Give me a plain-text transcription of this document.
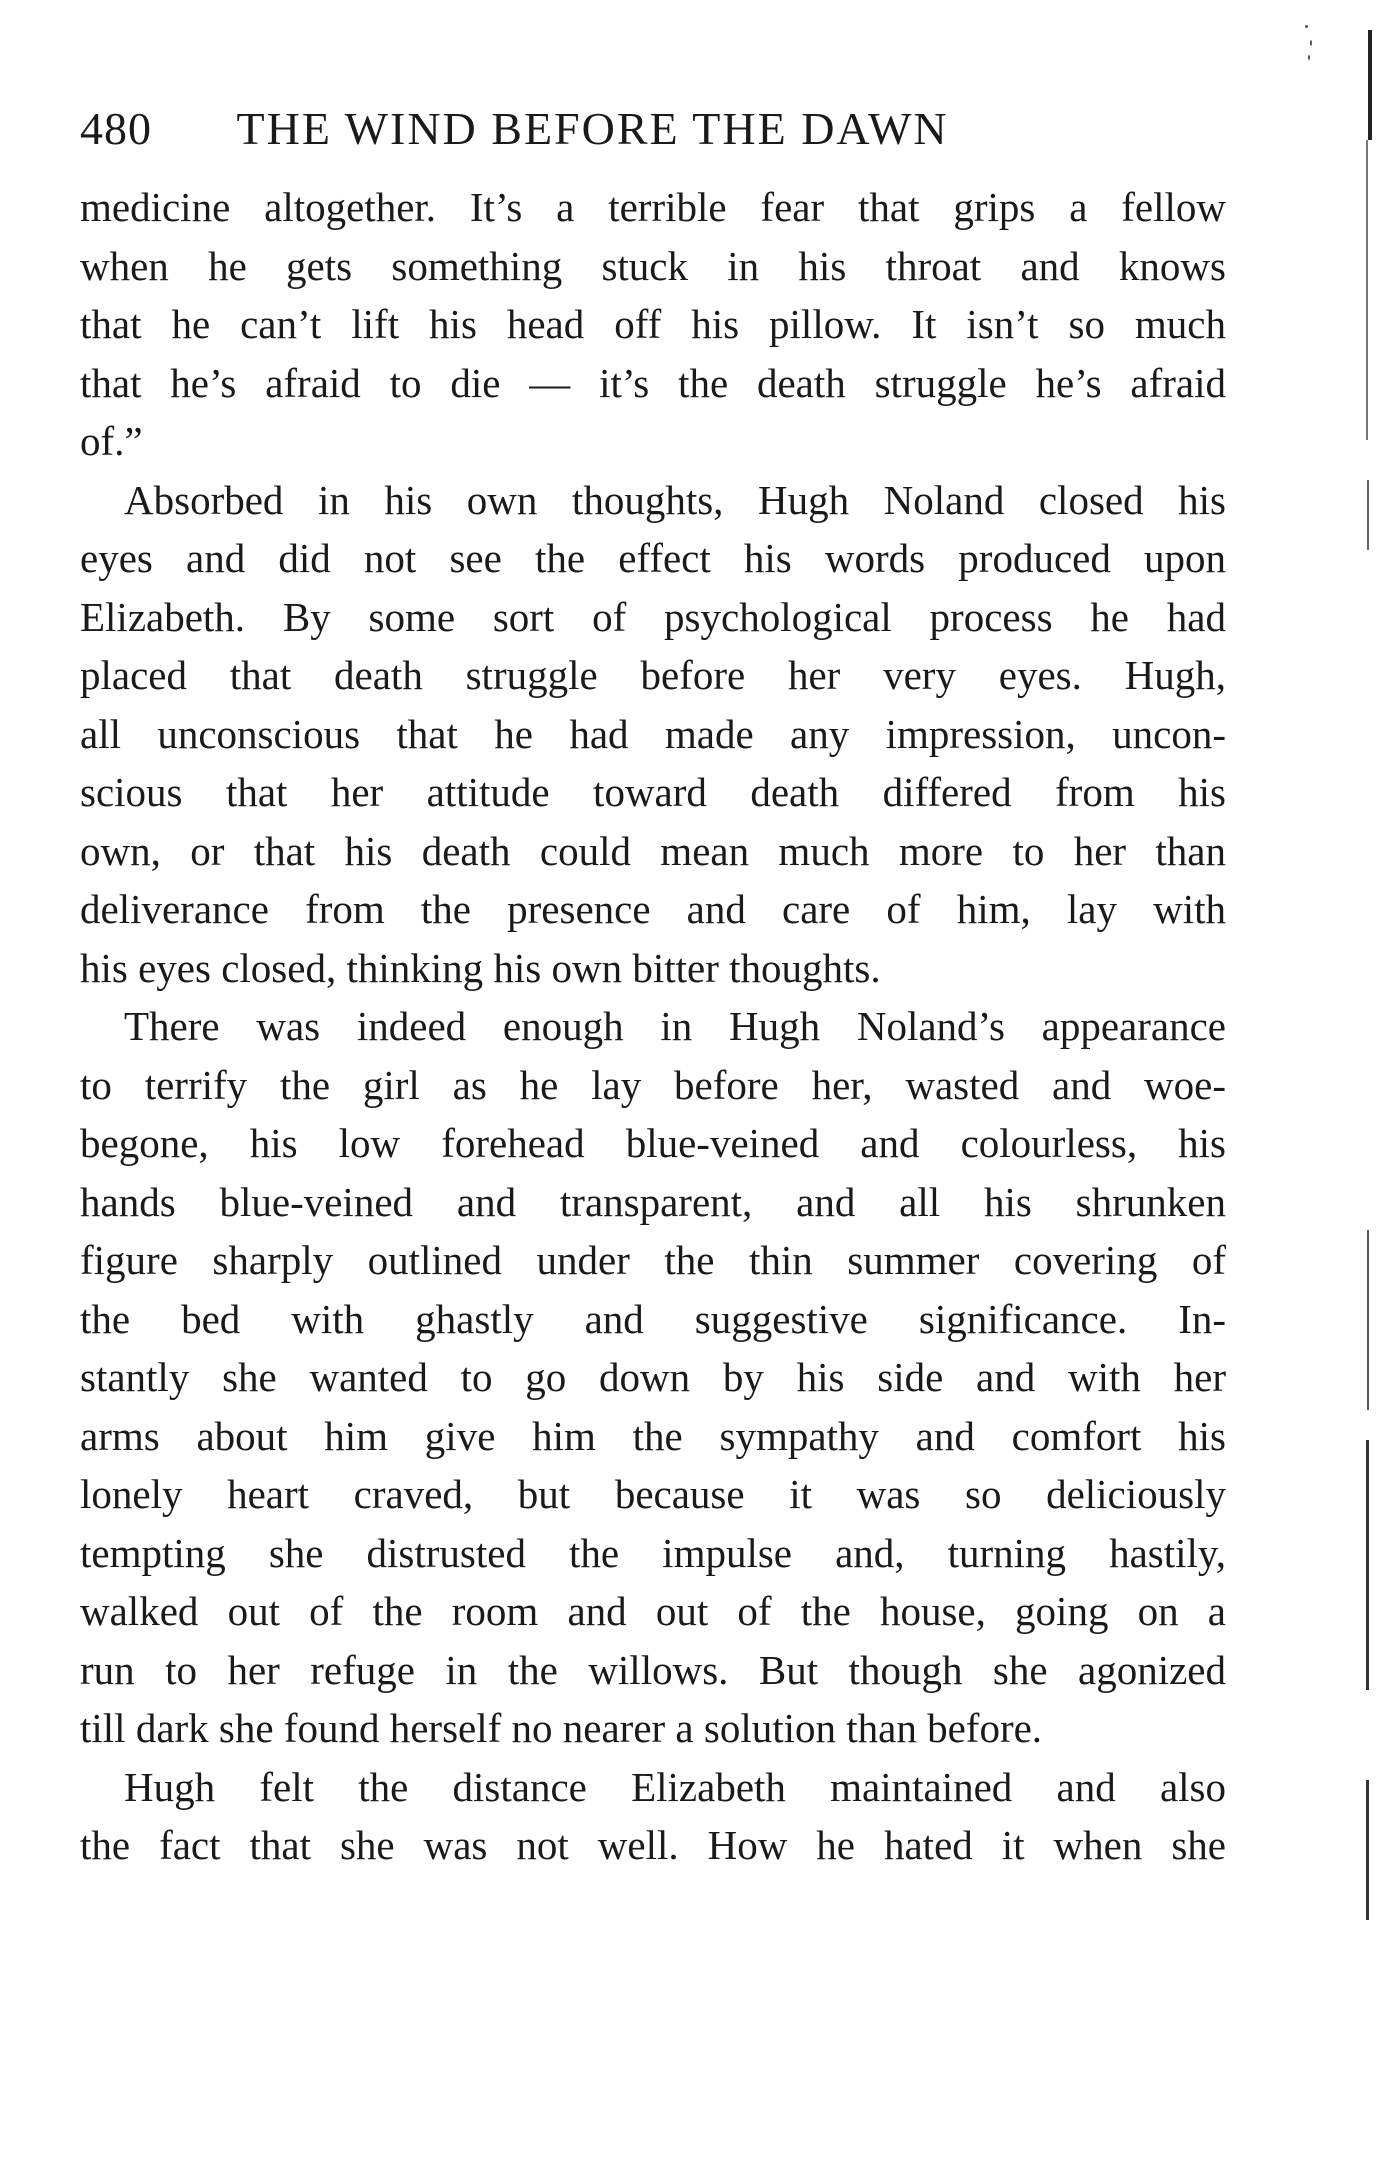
480 THE WIND BEFORE THE DAWN
medicine altogether. It’s a terrible fear that grips a fellow
when he gets something stuck in his throat and knows
that he can’t lift his head off his pillow. It isn’t so much
that he’s afraid to die — it’s the death struggle he’s afraid
of.”
Absorbed in his own thoughts, Hugh Noland closed his
eyes and did not see the effect his words produced upon
Elizabeth. By some sort of psychological process he had
placed that death struggle before her very eyes. Hugh,
all unconscious that he had made any impression, uncon-
scious that her attitude toward death differed from his
own, or that his death could mean much more to her than
deliverance from the presence and care of him, lay with
his eyes closed, thinking his own bitter thoughts.
There was indeed enough in Hugh Noland’s appearance
to terrify the girl as he lay before her, wasted and woe-
begone, his low forehead blue-veined and colourless, his
hands blue-veined and transparent, and all his shrunken
figure sharply outlined under the thin summer covering of
the bed with ghastly and suggestive significance. In-
stantly she wanted to go down by his side and with her
arms about him give him the sympathy and comfort his
lonely heart craved, but because it was so deliciously
tempting she distrusted the impulse and, turning hastily,
walked out of the room and out of the house, going on a
run to her refuge in the willows. But though she agonized
till dark she found herself no nearer a solution than before.
Hugh felt the distance Elizabeth maintained and also
the fact that she was not well. How he hated it when she
